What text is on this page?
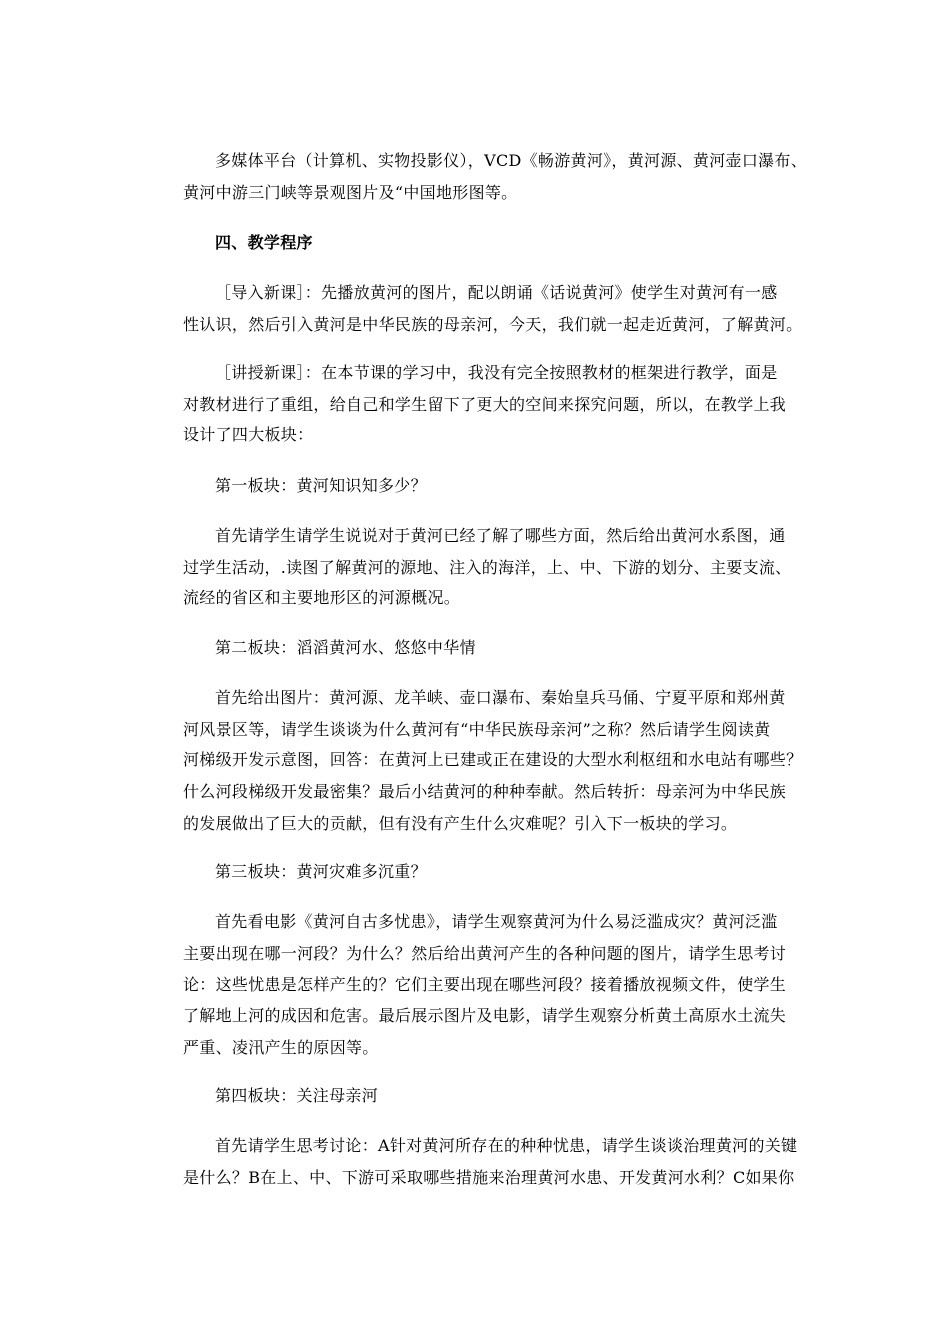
多媒体平台（计算机、实物投影仪），VCD《畅游黄河》，黄河源、黄河壶口瀑布、
黄河中游三门峡等景观图片及“中国地形图等。
四、教学程序
［导入新课］：先播放黄河的图片，配以朗诵《话说黄河》使学生对黄河有一感
性认识，然后引入黄河是中华民族的母亲河，今天，我们就一起走近黄河，了解黄河。
［讲授新课］：在本节课的学习中，我没有完全按照教材的框架进行教学，面是
对教材进行了重组，给自己和学生留下了更大的空间来探究问题，所以，在教学上我
设计了四大板块：
第一板块：黄河知识知多少？
首先请学生请学生说说对于黄河已经了解了哪些方面，然后给出黄河水系图，通
过学生活动，.读图了解黄河的源地、注入的海洋，上、中、下游的划分、主要支流、
流经的省区和主要地形区的河源概况。
第二板块：滔滔黄河水、悠悠中华情
首先给出图片：黄河源、龙羊峡、壶口瀑布、秦始皇兵马俑、宁夏平原和郑州黄
河风景区等，请学生谈谈为什么黄河有“中华民族母亲河”之称？然后请学生阅读黄
河梯级开发示意图，回答：在黄河上已建或正在建设的大型水利枢纽和水电站有哪些？
什么河段梯级开发最密集？最后小结黄河的种种奉献。然后转折：母亲河为中华民族
的发展做出了巨大的贡献，但有没有产生什么灾难呢？引入下一板块的学习。
第三板块：黄河灾难多沉重？
首先看电影《黄河自古多忧患》，请学生观察黄河为什么易泛滥成灾？黄河泛滥
主要出现在哪一河段？为什么？然后给出黄河产生的各种问题的图片，请学生思考讨
论：这些忧患是怎样产生的？它们主要出现在哪些河段？接着播放视频文件，使学生
了解地上河的成因和危害。最后展示图片及电影，请学生观察分析黄土高原水土流失
严重、凌汛产生的原因等。
第四板块：关注母亲河
首先请学生思考讨论：A针对黄河所存在的种种忧患，请学生谈谈治理黄河的关键
是什么？B在上、中、下游可采取哪些措施来治理黄河水患、开发黄河水利？C如果你
